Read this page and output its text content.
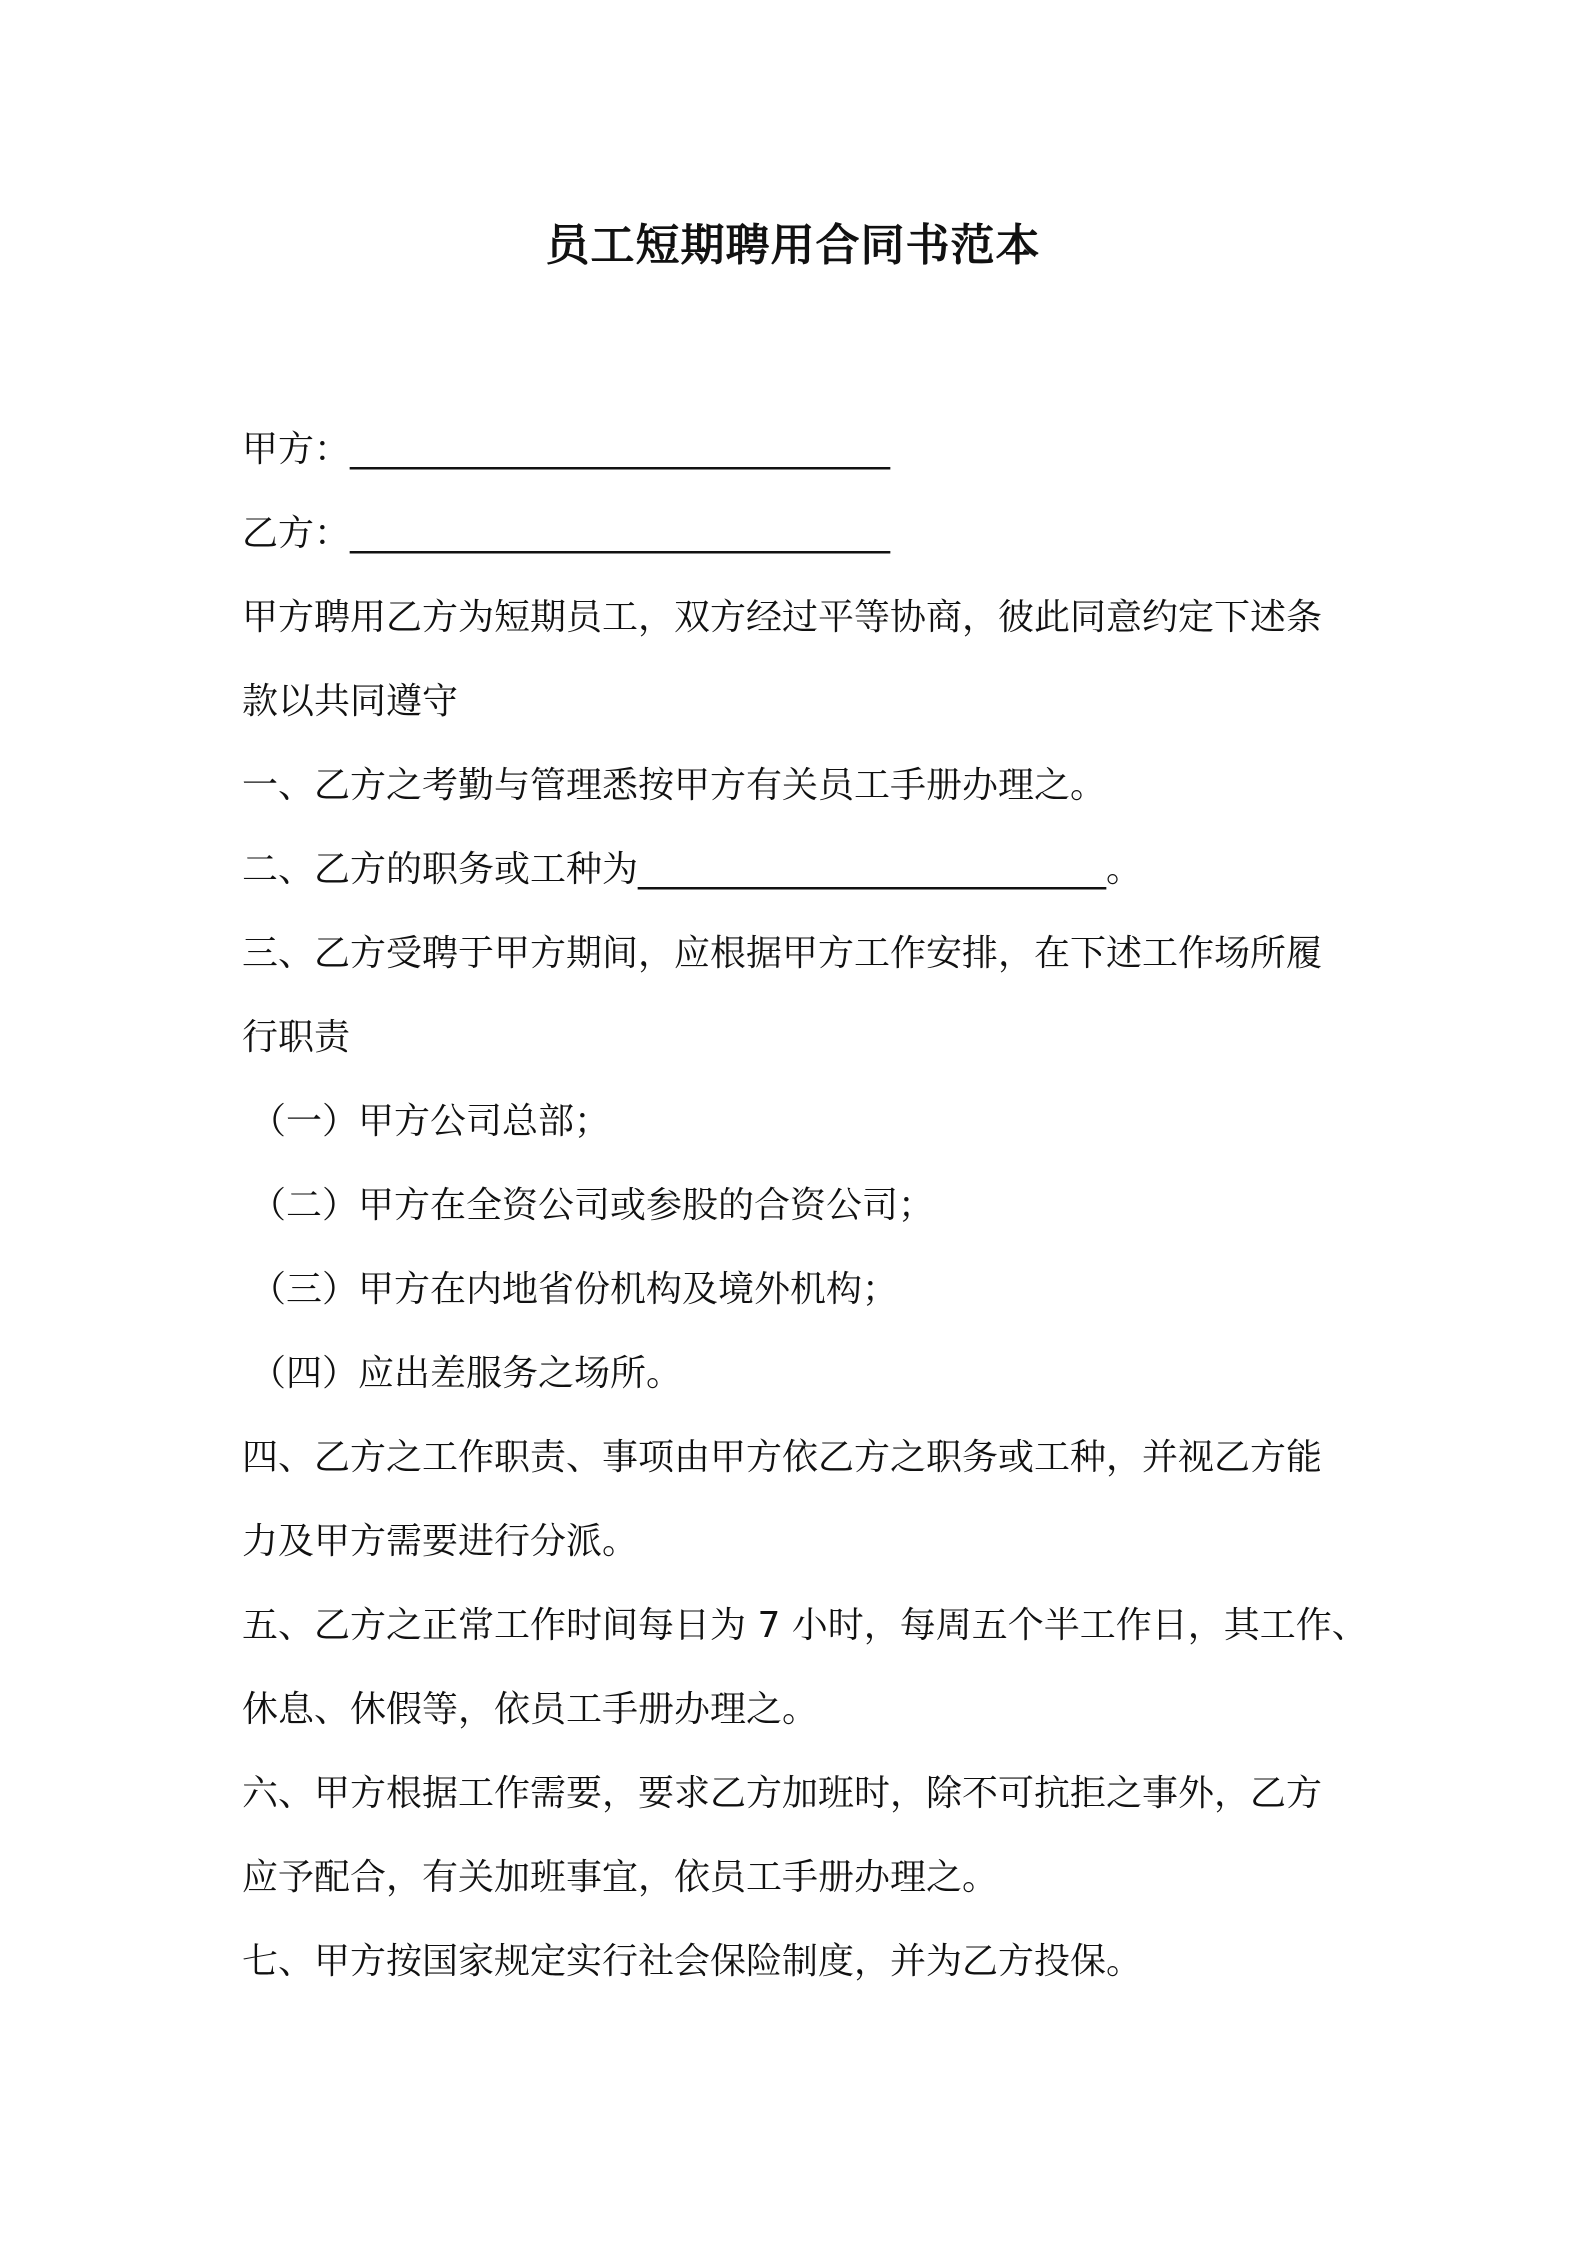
员工短期聘用合同书范本
甲方：______________________________
乙方：______________________________
甲方聘用乙方为短期员工，双方经过平等协商，彼此同意约定下述条
款以共同遵守
一、乙方之考勤与管理悉按甲方有关员工手册办理之。
二、乙方的职务或工种为__________________________。
三、乙方受聘于甲方期间，应根据甲方工作安排，在下述工作场所履
行职责
（一）甲方公司总部；
（二）甲方在全资公司或参股的合资公司；
（三）甲方在内地省份机构及境外机构；
（四）应出差服务之场所。
四、乙方之工作职责、事项由甲方依乙方之职务或工种，并视乙方能
力及甲方需要进行分派。
五、乙方之正常工作时间每日为 7 小时，每周五个半工作日，其工作、
休息、休假等，依员工手册办理之。
六、甲方根据工作需要，要求乙方加班时，除不可抗拒之事外，乙方
应予配合，有关加班事宜，依员工手册办理之。
七、甲方按国家规定实行社会保险制度，并为乙方投保。
